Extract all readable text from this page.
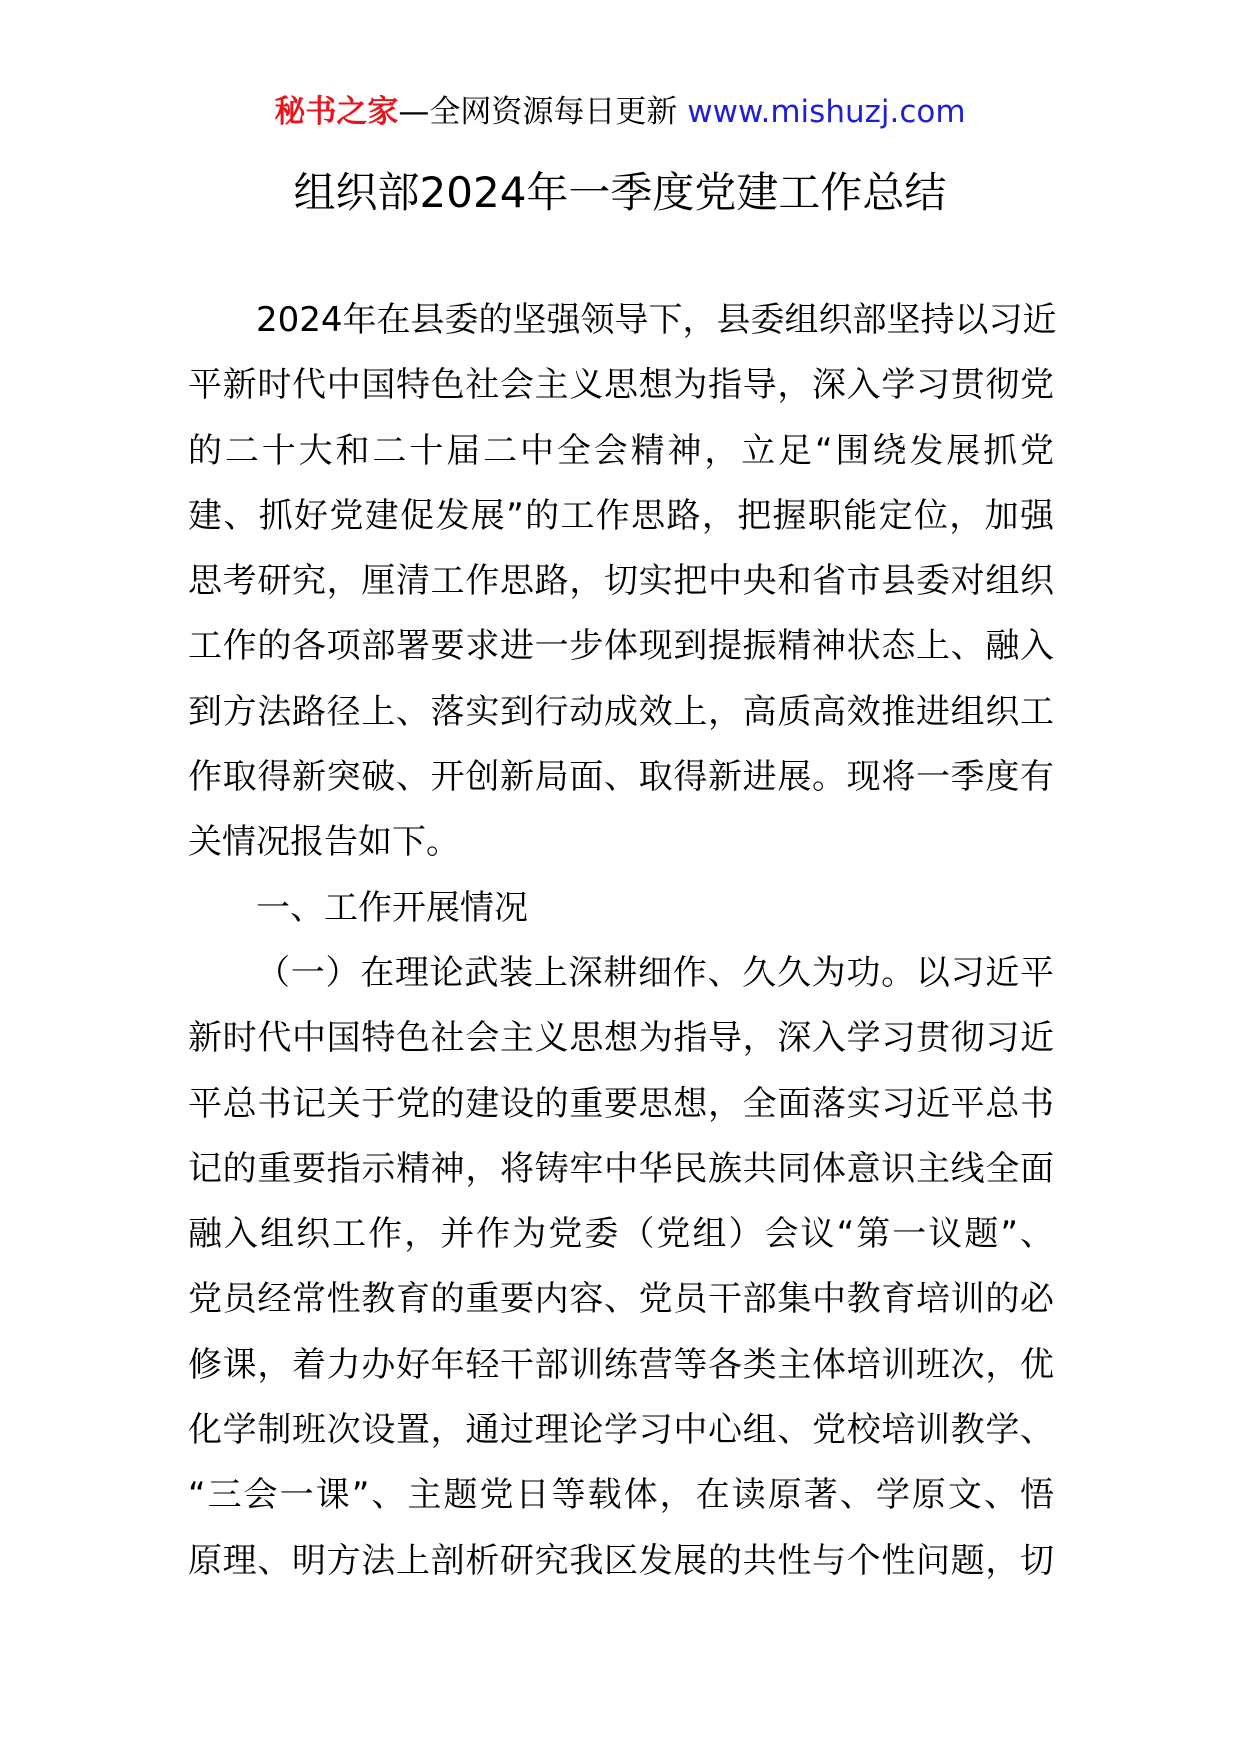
秘书之家—全网资源每日更新 www.mishuzj.com
组织部2024年一季度党建工作总结
2024年在县委的坚强领导下，县委组织部坚持以习近
平新时代中国特色社会主义思想为指导，深入学习贯彻党
的二十大和二十届二中全会精神，立足“围绕发展抓党
建、抓好党建促发展”的工作思路，把握职能定位，加强
思考研究，厘清工作思路，切实把中央和省市县委对组织
工作的各项部署要求进一步体现到提振精神状态上、融入
到方法路径上、落实到行动成效上，高质高效推进组织工
作取得新突破、开创新局面、取得新进展。现将一季度有
关情况报告如下。
一、工作开展情况
（一）在理论武装上深耕细作、久久为功。以习近平
新时代中国特色社会主义思想为指导，深入学习贯彻习近
平总书记关于党的建设的重要思想，全面落实习近平总书
记的重要指示精神，将铸牢中华民族共同体意识主线全面
融入组织工作，并作为党委（党组）会议“第一议题”、
党员经常性教育的重要内容、党员干部集中教育培训的必
修课，着力办好年轻干部训练营等各类主体培训班次，优
化学制班次设置，通过理论学习中心组、党校培训教学、
“三会一课”、主题党日等载体，在读原著、学原文、悟
原理、明方法上剖析研究我区发展的共性与个性问题，切
